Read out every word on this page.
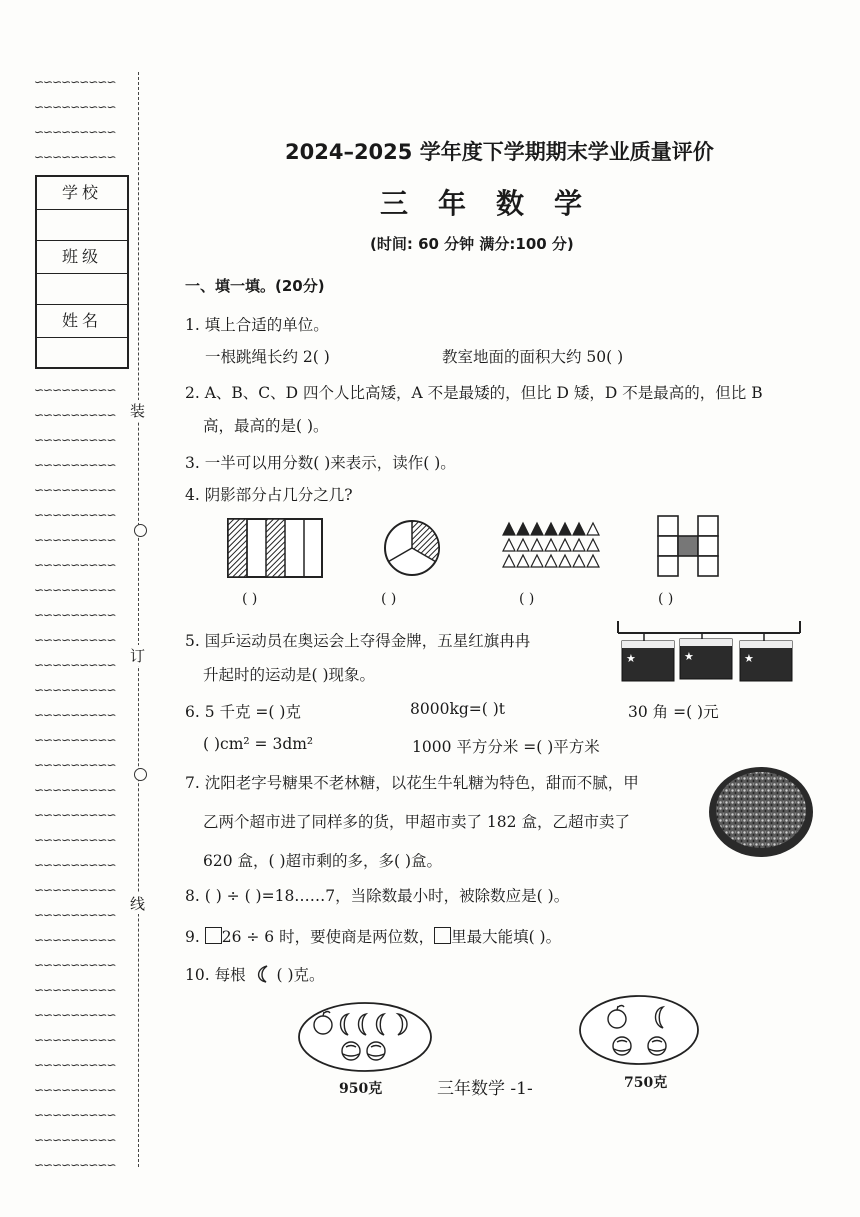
∽∽∽∽∽∽∽∽∽
∽∽∽∽∽∽∽∽∽
∽∽∽∽∽∽∽∽∽
∽∽∽∽∽∽∽∽∽
∽∽∽∽∽∽∽∽∽
∽∽∽∽∽∽∽∽∽
∽∽∽∽∽∽∽∽∽
∽∽∽∽∽∽∽∽∽
∽∽∽∽∽∽∽∽∽
∽∽∽∽∽∽∽∽∽
∽∽∽∽∽∽∽∽∽
∽∽∽∽∽∽∽∽∽
∽∽∽∽∽∽∽∽∽
∽∽∽∽∽∽∽∽∽
∽∽∽∽∽∽∽∽∽
∽∽∽∽∽∽∽∽∽
∽∽∽∽∽∽∽∽∽
∽∽∽∽∽∽∽∽∽
∽∽∽∽∽∽∽∽∽
∽∽∽∽∽∽∽∽∽
∽∽∽∽∽∽∽∽∽
∽∽∽∽∽∽∽∽∽
∽∽∽∽∽∽∽∽∽
∽∽∽∽∽∽∽∽∽
∽∽∽∽∽∽∽∽∽
∽∽∽∽∽∽∽∽∽
∽∽∽∽∽∽∽∽∽
∽∽∽∽∽∽∽∽∽
∽∽∽∽∽∽∽∽∽
∽∽∽∽∽∽∽∽∽
∽∽∽∽∽∽∽∽∽
∽∽∽∽∽∽∽∽∽
∽∽∽∽∽∽∽∽∽
∽∽∽∽∽∽∽∽∽
∽∽∽∽∽∽∽∽∽
∽∽∽∽∽∽∽∽∽
学校
班级
姓名
装
订
线
2024–2025 学年度下学期期末学业质量评价
三年数学
(时间: 60 分钟 满分:100 分)
一、填一填。(20分)
1. 填上合适的单位。
一根跳绳长约 2( )	教室地面的面积大约 50( )
2. A、B、C、D 四个人比高矮，A 不是最矮的，但比 D 矮，D 不是最高的，但比 B
高，最高的是( )。
3. 一半可以用分数( )来表示，读作( )。
4. 阴影部分占几分之几?
( )	( )	( )	( )
5. 国乒运动员在奥运会上夺得金牌，五星红旗冉冉
升起时的运动是( )现象。
★	★	★
6. 5 千克 =( )克	8000kg=( )t	30 角 =( )元
( )cm² = 3dm²	1000 平方分米 =( )平方米
7. 沈阳老字号糖果不老林糖，以花生牛轧糖为特色，甜而不腻，甲
乙两个超市进了同样多的货，甲超市卖了 182 盒，乙超市卖了
620 盒，( )超市剩的多，多( )盒。
8. ( ) ÷ ( )=18……7，当除数最小时，被除数应是( )。
9. 26 ÷ 6 时，要使商是两位数， 里最大能填( )。
10. 每根 ( )克。
950克	750克
三年数学 -1-
